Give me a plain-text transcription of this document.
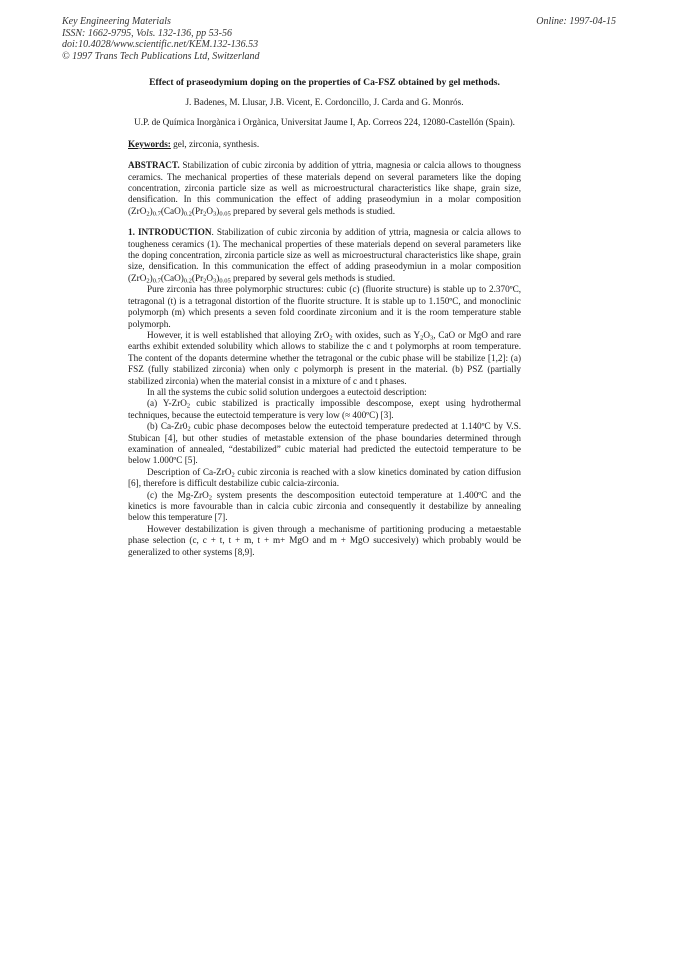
Key Engineering Materials
ISSN: 1662-9795, Vols. 132-136, pp 53-56
doi:10.4028/www.scientific.net/KEM.132-136.53
© 1997 Trans Tech Publications Ltd, Switzerland
Online: 1997-04-15
Effect of praseodymium doping on the properties of Ca-FSZ obtained by gel methods.
J. Badenes, M. Llusar, J.B. Vicent, E. Cordoncillo, J. Carda and G. Monrós.
U.P. de Química Inorgànica i Orgànica, Universitat Jaume I, Ap. Correos 224, 12080-Castellón (Spain).
Keywords: gel, zirconia, synthesis.

ABSTRACT. Stabilization of cubic zirconia by addition of yttria, magnesia or calcia allows to thougness ceramics. The mechanical properties of these materials depend on several parameters like the doping concentration, zirconia particle size as well as microestructural characteristics like shape, grain size, densification. In this communication the effect of adding praseodymiun in a molar composition $(ZrO_2)_{0.7}(CaO)_{0.2}(Pr_2O_3)_{0.05}$ prepared by several gels methods is studied.

1. INTRODUCTION. Stabilization of cubic zirconia by addition of yttria, magnesia or calcia allows to tougheness ceramics (1). The mechanical properties of these materials depend on several parameters like the doping concentration, zirconia particle size as well as microestructural characteristics like shape, grain size, densification. In this communication the effect of adding praseodymiun in a molar composition $(ZrO_2)_{0.7}(CaO)_{0.2}(Pr_2O_3)_{0.05}$ prepared by several gels methods is studied.

Pure zirconia has three polymorphic structures: cubic (c) (fluorite structure) is stable up to 2.370ºC, tetragonal (t) is a tetragonal distortion of the fluorite structure. It is stable up to 1.150ºC, and monoclinic polymorph (m) which presents a seven fold coordinate zirconium and it is the room temperature stable polymorph.

However, it is well established that alloying ZrO$_2$ with oxides, such as $Y_2O_3$, CaO or MgO and rare earths exhibit extended solubility which allows to stabilize the c and t polymorphs at room temperature. The content of the dopants determine whether the tetragonal or the cubic phase will be stabilize [1,2]: (a) FSZ (fully stabilized zirconia) when only c polymorph is present in the material. (b) PSZ (partially stabilized zirconia) when the material consist in a mixture of c and t phases.

In all the systems the cubic solid solution undergoes a eutectoid description:

(a) Y-ZrO$_2$ cubic stabilized is practically impossible descompose, exept using hydrothermal techniques, because the eutectoid temperature is very low (≈ 400ºC) [3].

(b) $Ca-Zr0_2$ cubic phase decomposes below the eutectoid temperature predected at 1.140ºC by V.S. Stubican [4], but other studies of metastable extension of the phase boundaries determined through examination of annealed, “destabilized” cubic material had predicted the eutectoid temperature to be below 1.000ºC [5].

Description of Ca-ZrO$_2$ cubic zirconia is reached with a slow kinetics dominated by cation diffusion [6], therefore is difficult destabilize cubic calcia-zirconia.

(c) the Mg-ZrO$_2$ system presents the descomposition eutectoid temperature at 1.400ºC and the kinetics is more favourable than in calcia cubic zirconia and consequently it destabilize by annealing below this temperature [7].

However destabilization is given through a mechanisme of partitioning producing a metaestable phase selection (c, c + t, t + m, t + m+ MgO and m + MgO succesively) which probably would be generalized to other systems [8,9].
